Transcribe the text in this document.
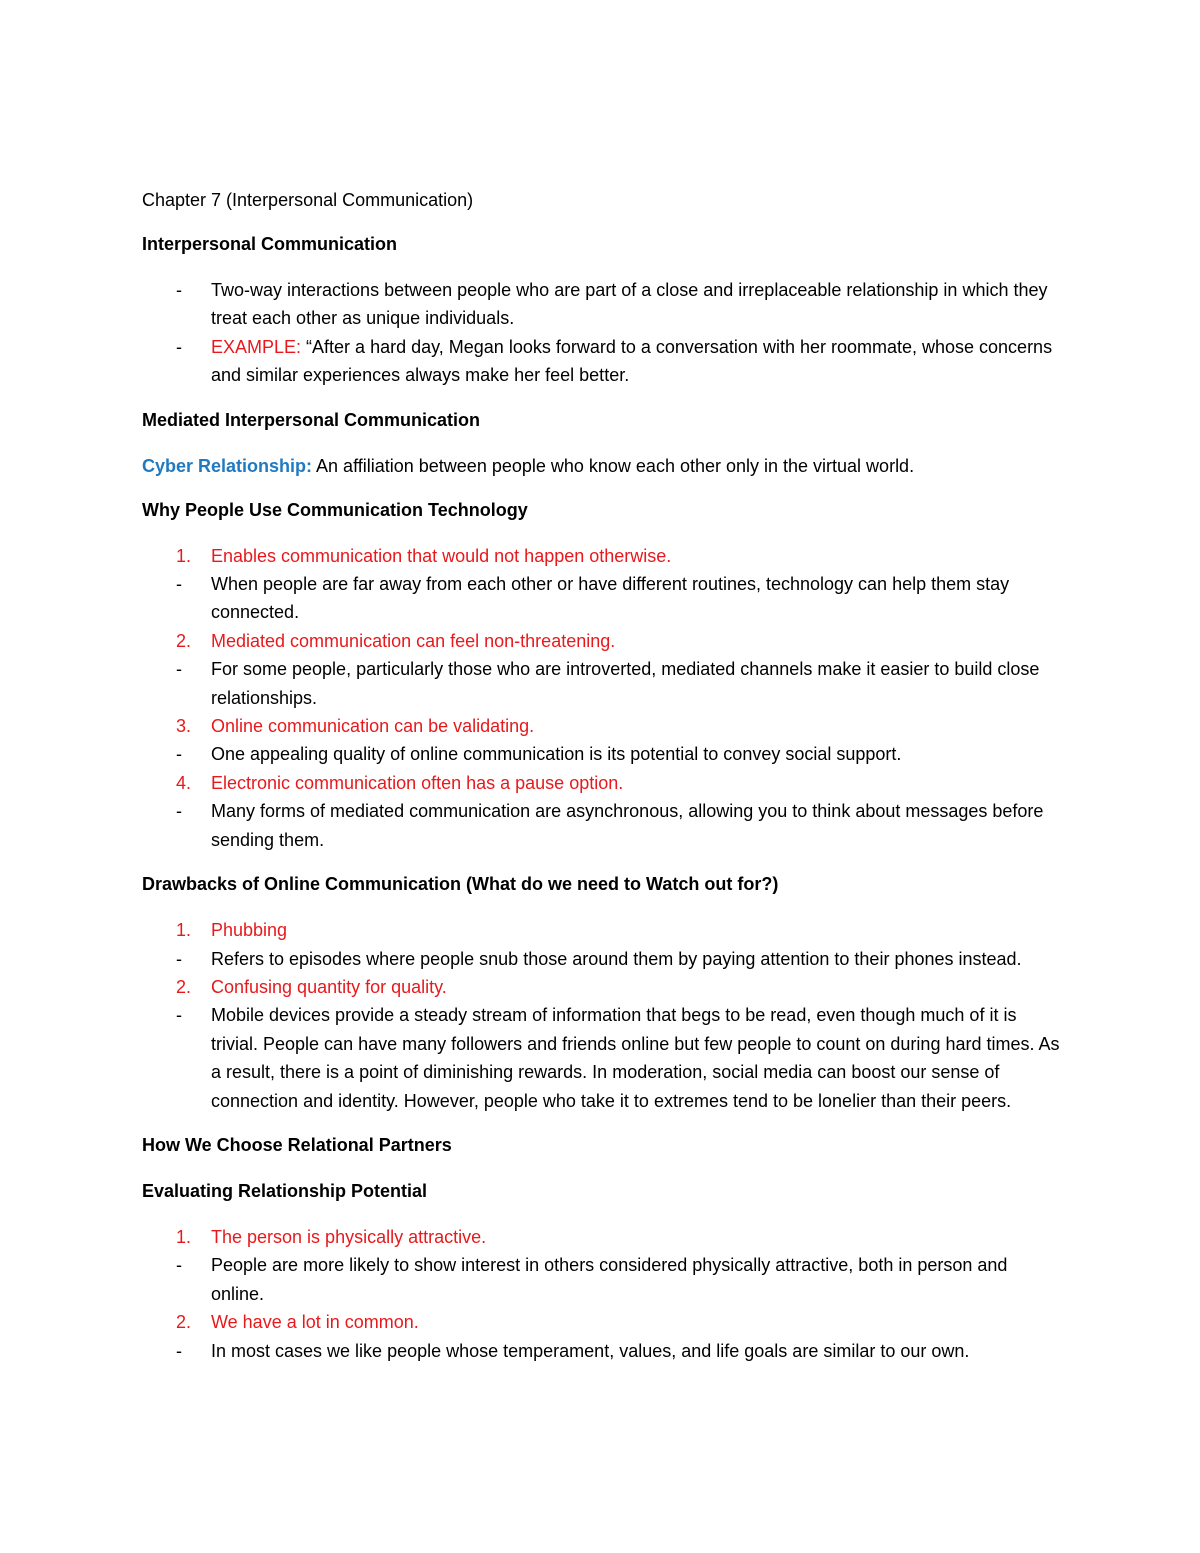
Chapter 7 (Interpersonal Communication)
Interpersonal Communication
- Two-way interactions between people who are part of a close and irreplaceable relationship in which they treat each other as unique individuals.
- EXAMPLE: “After a hard day, Megan looks forward to a conversation with her roommate, whose concerns and similar experiences always make her feel better.
Mediated Interpersonal Communication
Cyber Relationship: An affiliation between people who know each other only in the virtual world.
Why People Use Communication Technology
1. Enables communication that would not happen otherwise.
- When people are far away from each other or have different routines, technology can help them stay connected.
2. Mediated communication can feel non-threatening.
- For some people, particularly those who are introverted, mediated channels make it easier to build close relationships.
3. Online communication can be validating.
- One appealing quality of online communication is its potential to convey social support.
4. Electronic communication often has a pause option.
- Many forms of mediated communication are asynchronous, allowing you to think about messages before sending them.
Drawbacks of Online Communication (What do we need to Watch out for?)
1. Phubbing
- Refers to episodes where people snub those around them by paying attention to their phones instead.
2. Confusing quantity for quality.
- Mobile devices provide a steady stream of information that begs to be read, even though much of it is trivial. People can have many followers and friends online but few people to count on during hard times. As a result, there is a point of diminishing rewards. In moderation, social media can boost our sense of connection and identity. However, people who take it to extremes tend to be lonelier than their peers.
How We Choose Relational Partners
Evaluating Relationship Potential
1. The person is physically attractive.
- People are more likely to show interest in others considered physically attractive, both in person and online.
2. We have a lot in common.
- In most cases we like people whose temperament, values, and life goals are similar to our own.
